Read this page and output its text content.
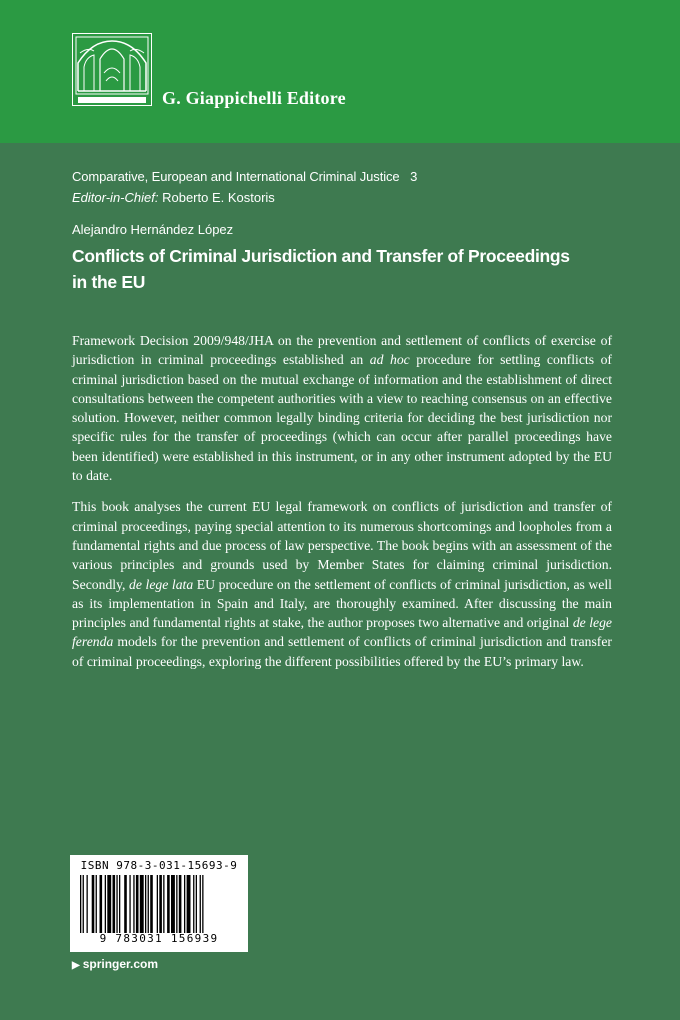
G. Giappichelli Editore
Comparative, European and International Criminal Justice 3
Editor-in-Chief: Roberto E. Kostoris
Alejandro Hernández López
Conflicts of Criminal Jurisdiction and Transfer of Proceedings
in the EU

Framework Decision 2009/948/JHA on the prevention and settlement of conflicts of exercise of jurisdiction in criminal proceedings established an ad hoc procedure for settling conflicts of criminal jurisdiction based on the mutual exchange of information and the establishment of direct consultations between the competent authorities with a view to reaching consensus on an effective solution. However, neither common legally binding criteria for deciding the best jurisdiction nor specific rules for the transfer of proceedings (which can occur after parallel proceedings have been identified) were established in this instrument, or in any other instrument adopted by the EU to date.

This book analyses the current EU legal framework on conflicts of jurisdiction and transfer of criminal proceedings, paying special attention to its numerous shortcomings and loopholes from a fundamental rights and due process of law perspective. The book begins with an assessment of the various principles and grounds used by Member States for claiming criminal jurisdiction. Secondly, de lege lata EU procedure on the settlement of conflicts of criminal jurisdiction, as well as its implementation in Spain and Italy, are thoroughly examined. After discussing the main principles and fundamental rights at stake, the author proposes two alternative and original de lege ferenda models for the prevention and settlement of conflicts of criminal jurisdiction and transfer of criminal proceedings, exploring the different possibilities offered by the EU’s primary law.

ISBN 978-3-031-15693-9
9 783031 156939
▶ springer.com
